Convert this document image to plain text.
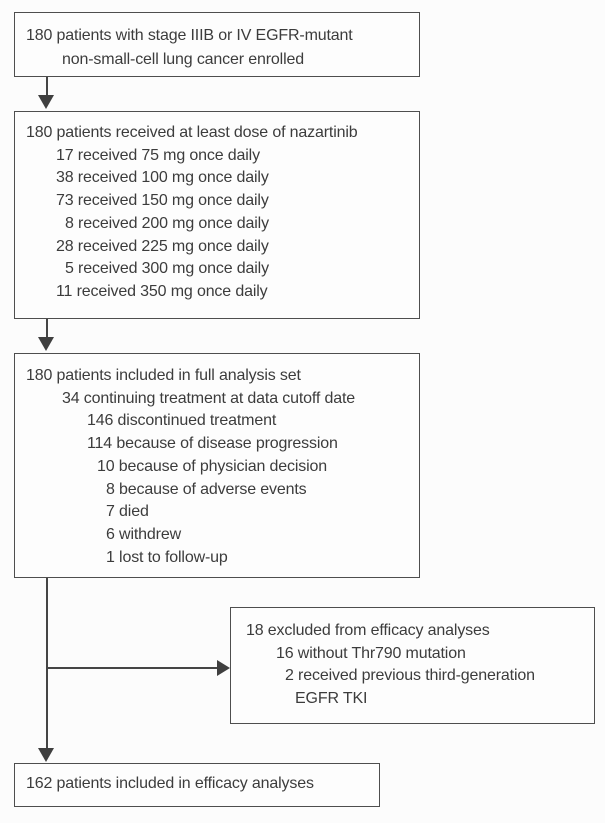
180 patients with stage IIIB or IV EGFR-mutant
non-small-cell lung cancer enrolled
180 patients received at least dose of nazartinib
17 received 75 mg once daily
38 received 100 mg once daily
73 received 150 mg once daily
8 received 200 mg once daily
28 received 225 mg once daily
5 received 300 mg once daily
11 received 350 mg once daily
180 patients included in full analysis set
34 continuing treatment at data cutoff date
146 discontinued treatment
114 because of disease progression
10 because of physician decision
8 because of adverse events
7 died
6 withdrew
1 lost to follow-up
18 excluded from efficacy analyses
16 without Thr790 mutation
2 received previous third-generation
EGFR TKI
162 patients included in efficacy analyses
